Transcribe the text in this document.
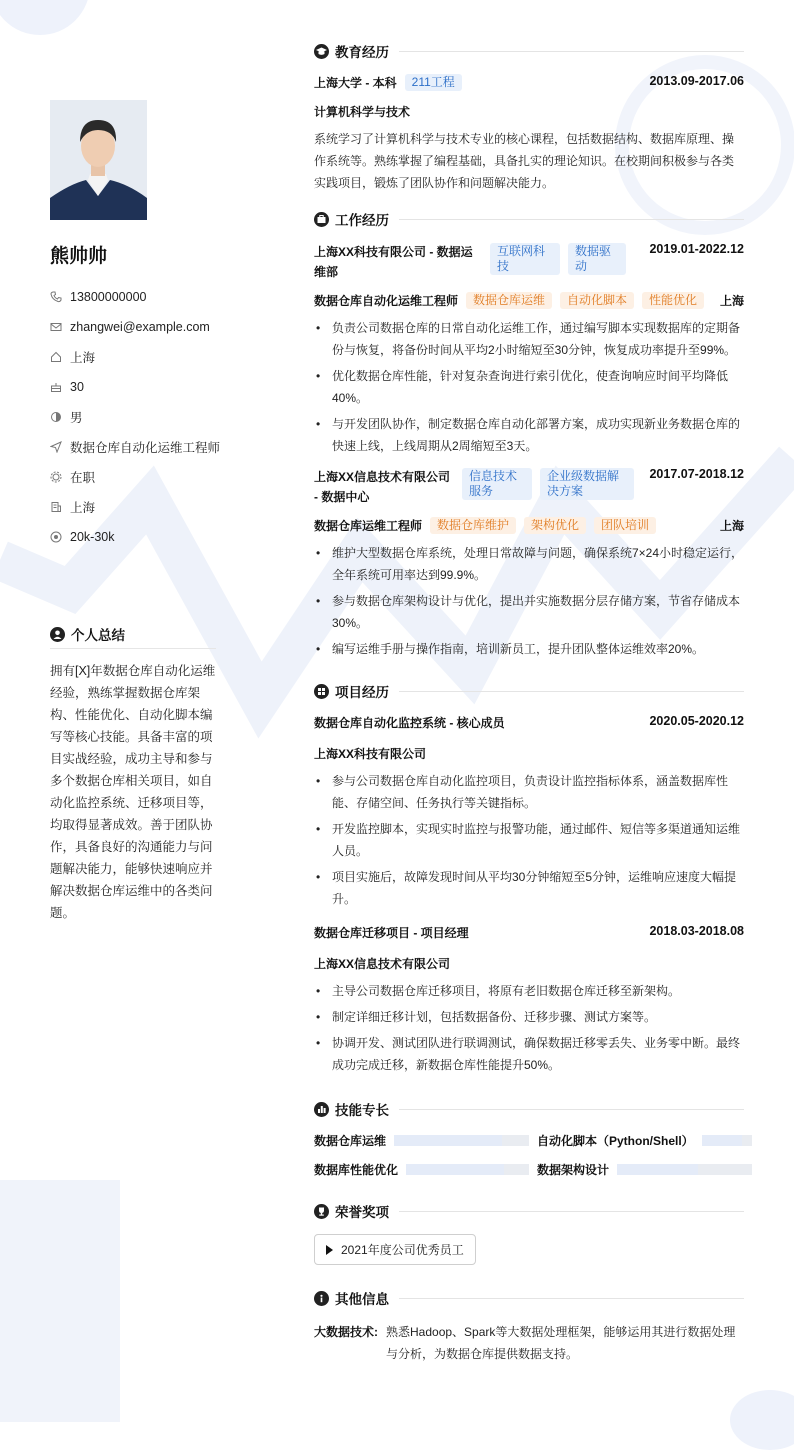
熊帅帅
13800000000
zhangwei@example.com
上海
30
男
数据仓库自动化运维工程师
在职
上海
20k-30k
个人总结
拥有[X]年数据仓库自动化运维经验，熟练掌握数据仓库架构、性能优化、自动化脚本编写等核心技能。具备丰富的项目实战经验，成功主导和参与多个数据仓库相关项目，如自动化监控系统、迁移项目等，均取得显著成效。善于团队协作，具备良好的沟通能力与问题解决能力，能够快速响应并解决数据仓库运维中的各类问题。
教育经历
上海大学 - 本科	211工程	2013.09-2017.06
计算机科学与技术
系统学习了计算机科学与技术专业的核心课程，包括数据结构、数据库原理、操作系统等。熟练掌握了编程基础，具备扎实的理论知识。在校期间积极参与各类实践项目，锻炼了团队协作和问题解决能力。
工作经历
上海XX科技有限公司 - 数据运维部
互联网科技
数据驱动
2019.01-2022.12
数据仓库自动化运维工程师	数据仓库运维	自动化脚本	性能优化	上海
• 负责公司数据仓库的日常自动化运维工作，通过编写脚本实现数据库的定期备份与恢复，将备份时间从平均2小时缩短至30分钟，恢复成功率提升至99%。
• 优化数据仓库性能，针对复杂查询进行索引优化，使查询响应时间平均降低40%。
• 与开发团队协作，制定数据仓库自动化部署方案，成功实现新业务数据仓库的快速上线，上线周期从2周缩短至3天。
上海XX信息技术有限公司 - 数据中心
信息技术服务
企业级数据解决方案
2017.07-2018.12
数据仓库运维工程师	数据仓库维护	架构优化	团队培训	上海
• 维护大型数据仓库系统，处理日常故障与问题，确保系统7×24小时稳定运行，全年系统可用率达到99.9%。
• 参与数据仓库架构设计与优化，提出并实施数据分层存储方案，节省存储成本30%。
• 编写运维手册与操作指南，培训新员工，提升团队整体运维效率20%。
项目经历
数据仓库自动化监控系统 - 核心成员	2020.05-2020.12
上海XX科技有限公司
• 参与公司数据仓库自动化监控项目，负责设计监控指标体系，涵盖数据库性能、存储空间、任务执行等关键指标。
• 开发监控脚本，实现实时监控与报警功能，通过邮件、短信等多渠道通知运维人员。
• 项目实施后，故障发现时间从平均30分钟缩短至5分钟，运维响应速度大幅提升。
数据仓库迁移项目 - 项目经理	2018.03-2018.08
上海XX信息技术有限公司
• 主导公司数据仓库迁移项目，将原有老旧数据仓库迁移至新架构。
• 制定详细迁移计划，包括数据备份、迁移步骤、测试方案等。
• 协调开发、测试团队进行联调测试，确保数据迁移零丢失、业务零中断。最终成功完成迁移，新数据仓库性能提升50%。
技能专长
数据仓库运维	自动化脚本（Python/Shell）
数据库性能优化	数据架构设计
荣誉奖项
2021年度公司优秀员工
其他信息
大数据技术: 熟悉Hadoop、Spark等大数据处理框架，能够运用其进行数据处理与分析，为数据仓库提供数据支持。
